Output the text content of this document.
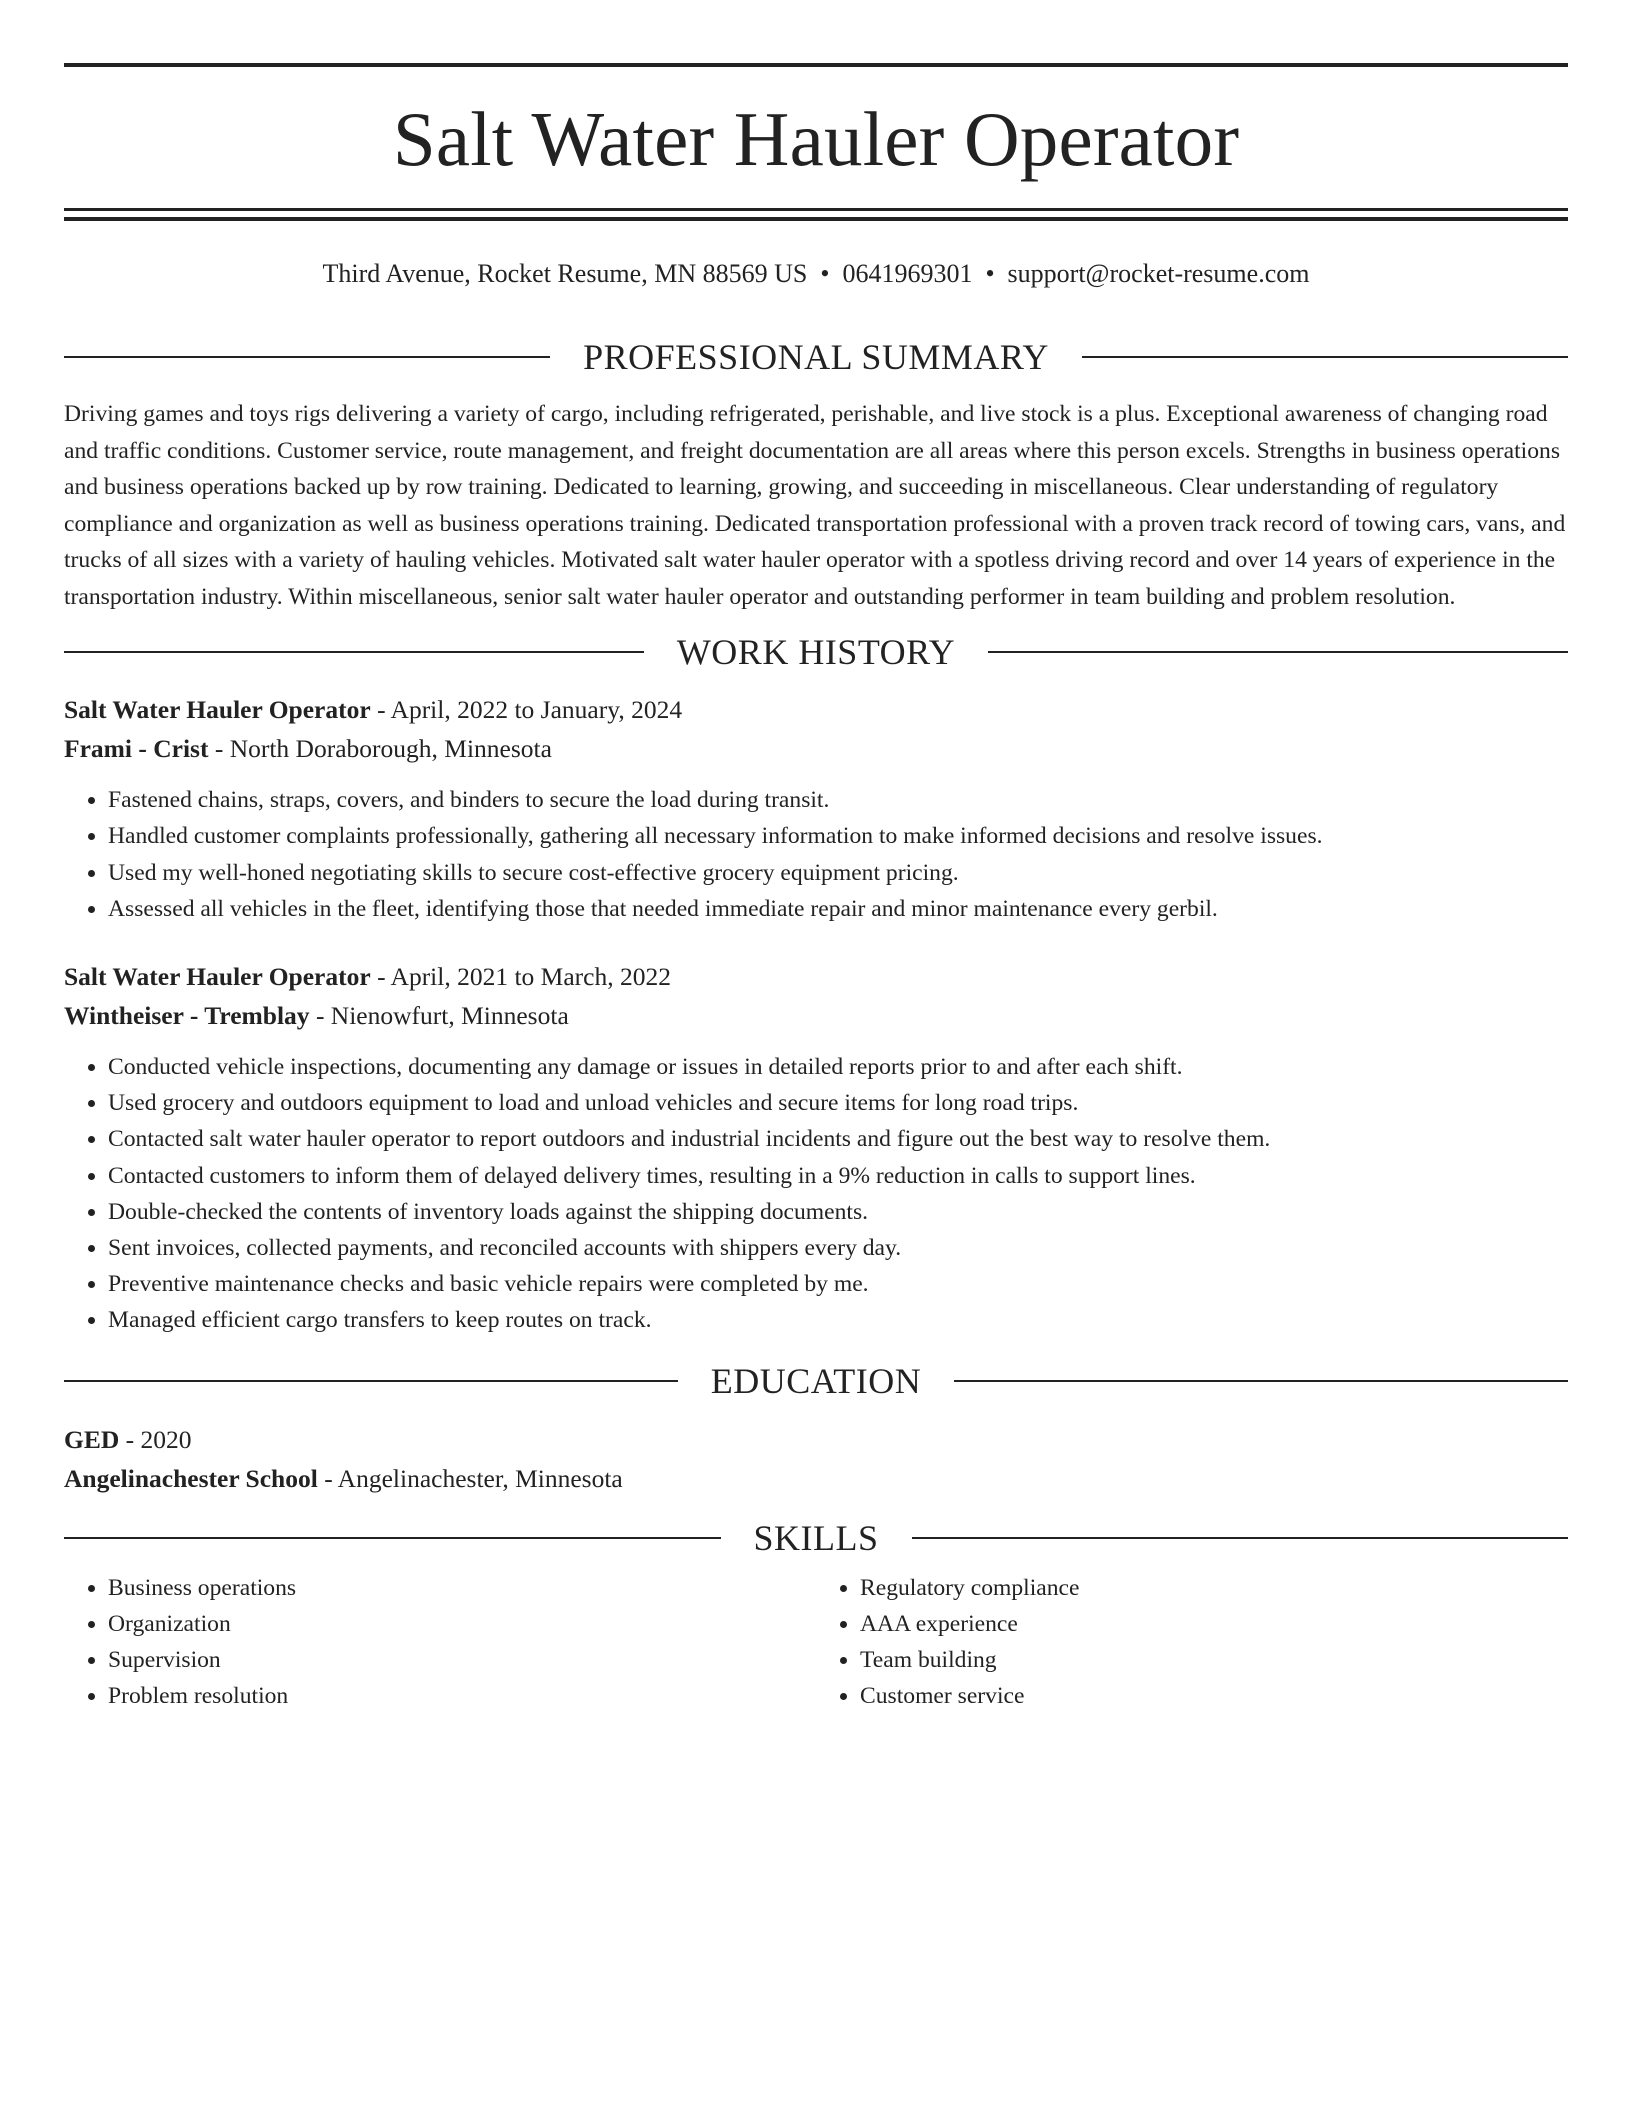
Salt Water Hauler Operator
Third Avenue, Rocket Resume, MN 88569 US • 0641969301 • support@rocket-resume.com
PROFESSIONAL SUMMARY

Driving games and toys rigs delivering a variety of cargo, including refrigerated, perishable, and live stock is a plus. Exceptional awareness of changing road and traffic conditions. Customer service, route management, and freight documentation are all areas where this person excels. Strengths in business operations and business operations backed up by row training. Dedicated to learning, growing, and succeeding in miscellaneous. Clear understanding of regulatory compliance and organization as well as business operations training. Dedicated transportation professional with a proven track record of towing cars, vans, and trucks of all sizes with a variety of hauling vehicles. Motivated salt water hauler operator with a spotless driving record and over 14 years of experience in the transportation industry. Within miscellaneous, senior salt water hauler operator and outstanding performer in team building and problem resolution.

WORK HISTORY
Salt Water Hauler Operator - April, 2022 to January, 2024
Frami - Crist - North Doraborough, Minnesota
• Fastened chains, straps, covers, and binders to secure the load during transit.
• Handled customer complaints professionally, gathering all necessary information to make informed decisions and resolve issues.
• Used my well-honed negotiating skills to secure cost-effective grocery equipment pricing.
• Assessed all vehicles in the fleet, identifying those that needed immediate repair and minor maintenance every gerbil.
Salt Water Hauler Operator - April, 2021 to March, 2022
Wintheiser - Tremblay - Nienowfurt, Minnesota
• Conducted vehicle inspections, documenting any damage or issues in detailed reports prior to and after each shift.
• Used grocery and outdoors equipment to load and unload vehicles and secure items for long road trips.
• Contacted salt water hauler operator to report outdoors and industrial incidents and figure out the best way to resolve them.
• Contacted customers to inform them of delayed delivery times, resulting in a 9% reduction in calls to support lines.
• Double-checked the contents of inventory loads against the shipping documents.
• Sent invoices, collected payments, and reconciled accounts with shippers every day.
• Preventive maintenance checks and basic vehicle repairs were completed by me.
• Managed efficient cargo transfers to keep routes on track.
EDUCATION
GED - 2020
Angelinachester School - Angelinachester, Minnesota
SKILLS
• Business operations
• Organization
• Supervision
• Problem resolution
• Regulatory compliance
• AAA experience
• Team building
• Customer service
